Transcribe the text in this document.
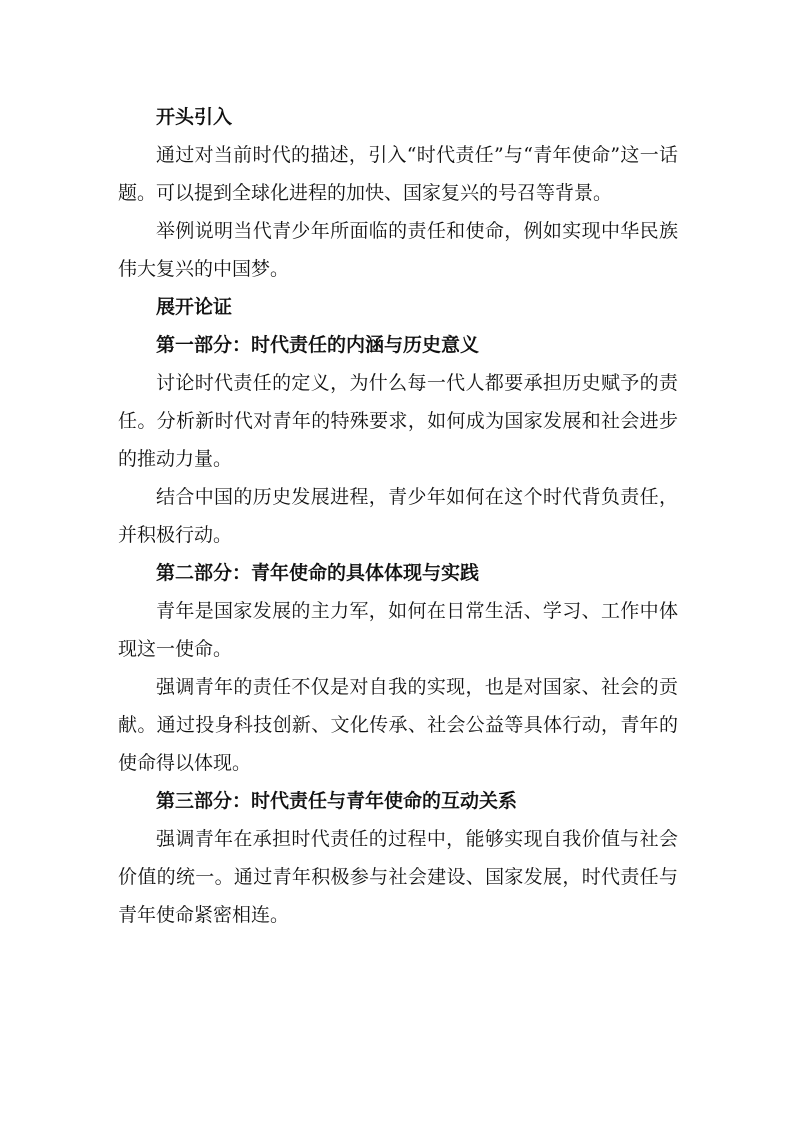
开头引入

通过对当前时代的描述，引入“时代责任”与“青年使命”这一话题。可以提到全球化进程的加快、国家复兴的号召等背景。

举例说明当代青少年所面临的责任和使命，例如实现中华民族伟大复兴的中国梦。

展开论证

第一部分：时代责任的内涵与历史意义

讨论时代责任的定义，为什么每一代人都要承担历史赋予的责任。分析新时代对青年的特殊要求，如何成为国家发展和社会进步的推动力量。

结合中国的历史发展进程，青少年如何在这个时代背负责任，并积极行动。

第二部分：青年使命的具体体现与实践

青年是国家发展的主力军，如何在日常生活、学习、工作中体现这一使命。

强调青年的责任不仅是对自我的实现，也是对国家、社会的贡献。通过投身科技创新、文化传承、社会公益等具体行动，青年的使命得以体现。

第三部分：时代责任与青年使命的互动关系

强调青年在承担时代责任的过程中，能够实现自我价值与社会价值的统一。通过青年积极参与社会建设、国家发展，时代责任与青年使命紧密相连。
